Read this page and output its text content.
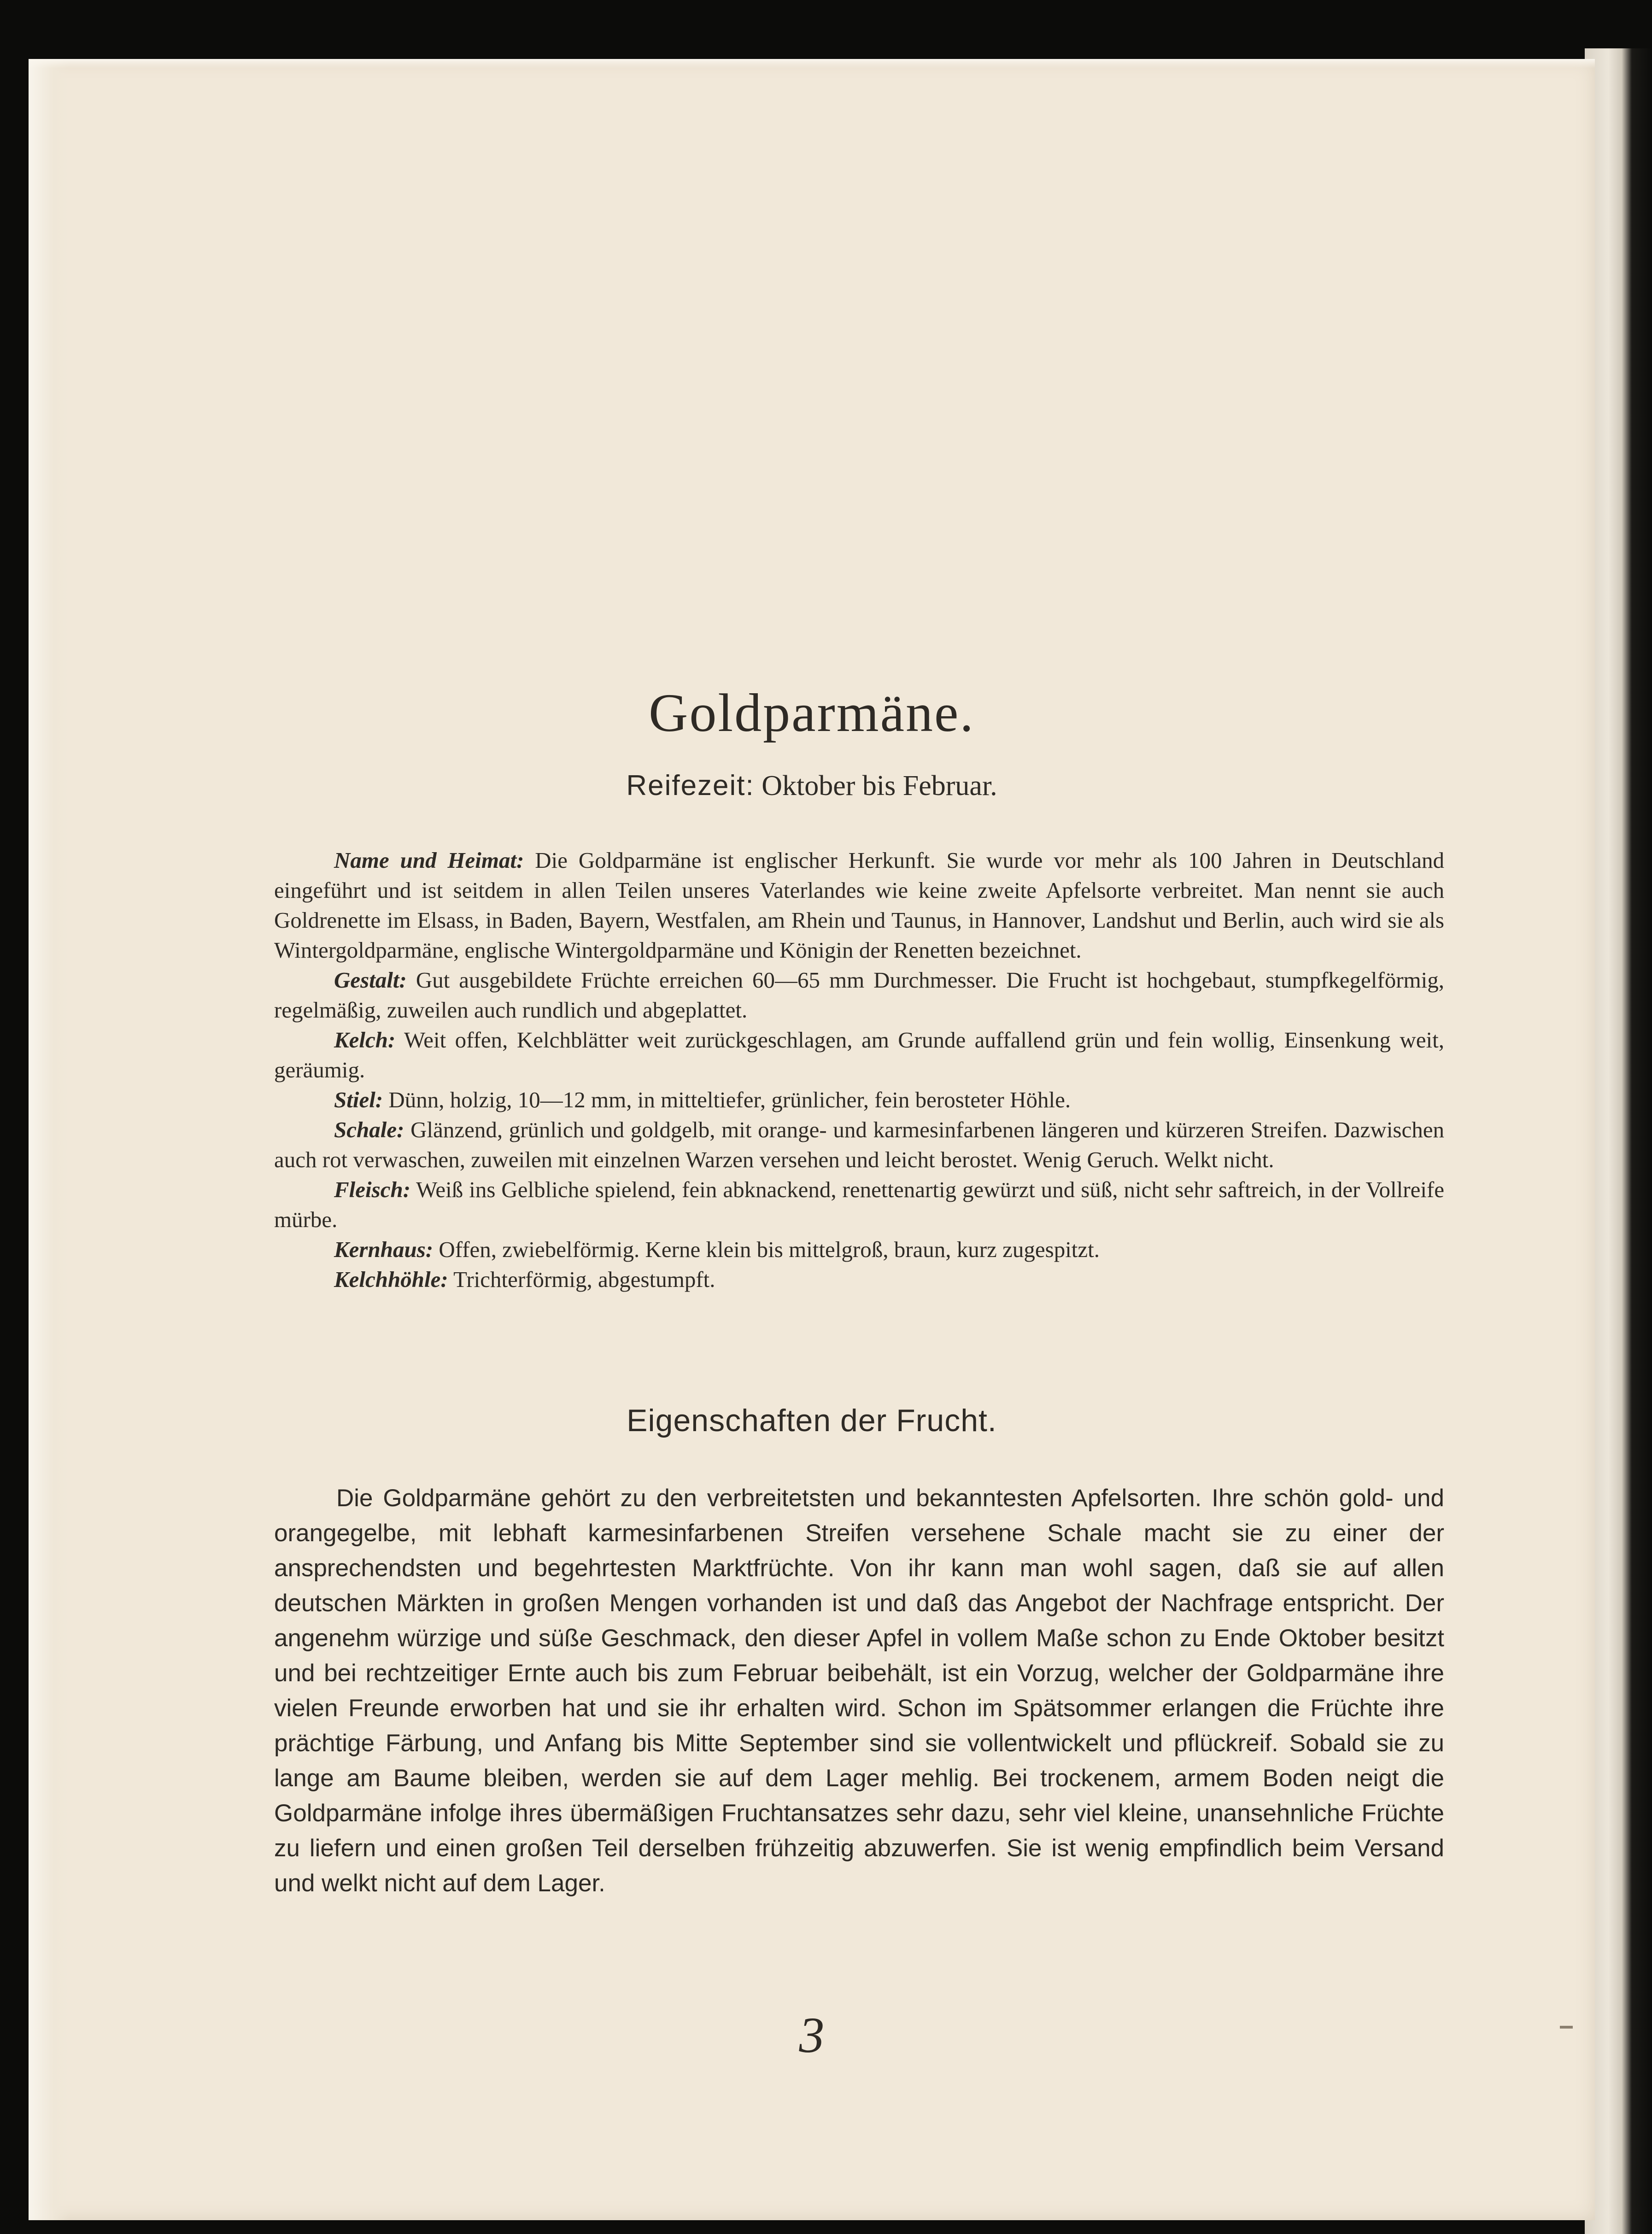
Goldparmäne.
Reifezeit: Oktober bis Februar.

Name und Heimat: Die Goldparmäne ist englischer Herkunft. Sie wurde vor mehr als 100 Jahren in Deutschland eingeführt und ist seitdem in allen Teilen unseres Vaterlandes wie keine zweite Apfelsorte verbreitet. Man nennt sie auch Goldrenette im Elsass, in Baden, Bayern, Westfalen, am Rhein und Taunus, in Hannover, Landshut und Berlin, auch wird sie als Wintergoldparmäne, englische Wintergoldparmäne und Königin der Renetten bezeichnet.

Gestalt: Gut ausgebildete Früchte erreichen 60—65 mm Durchmesser. Die Frucht ist hochgebaut, stumpfkegelförmig, regelmäßig, zuweilen auch rundlich und abgeplattet.

Kelch: Weit offen, Kelchblätter weit zurückgeschlagen, am Grunde auffallend grün und fein wollig, Einsenkung weit, geräumig.

Stiel: Dünn, holzig, 10—12 mm, in mitteltiefer, grünlicher, fein berosteter Höhle.

Schale: Glänzend, grünlich und goldgelb, mit orange- und karmesinfarbenen längeren und kürzeren Streifen. Dazwischen auch rot verwaschen, zuweilen mit einzelnen Warzen versehen und leicht berostet. Wenig Geruch. Welkt nicht.

Fleisch: Weiß ins Gelbliche spielend, fein abknackend, renettenartig gewürzt und süß, nicht sehr saftreich, in der Vollreife mürbe.

Kernhaus: Offen, zwiebelförmig. Kerne klein bis mittelgroß, braun, kurz zugespitzt.

Kelchhöhle: Trichterförmig, abgestumpft.

Eigenschaften der Frucht.

Die Goldparmäne gehört zu den verbreitetsten und bekanntesten Apfelsorten. Ihre schön gold- und orangegelbe, mit lebhaft karmesinfarbenen Streifen versehene Schale macht sie zu einer der ansprechendsten und begehrtesten Marktfrüchte. Von ihr kann man wohl sagen, daß sie auf allen deutschen Märkten in großen Mengen vorhanden ist und daß das Angebot der Nachfrage entspricht. Der angenehm würzige und süße Geschmack, den dieser Apfel in vollem Maße schon zu Ende Oktober besitzt und bei rechtzeitiger Ernte auch bis zum Februar beibehält, ist ein Vorzug, welcher der Goldparmäne ihre vielen Freunde erworben hat und sie ihr erhalten wird. Schon im Spätsommer erlangen die Früchte ihre prächtige Färbung, und Anfang bis Mitte September sind sie vollentwickelt und pflückreif. Sobald sie zu lange am Baume bleiben, werden sie auf dem Lager mehlig. Bei trockenem, armem Boden neigt die Goldparmäne infolge ihres übermäßigen Fruchtansatzes sehr dazu, sehr viel kleine, unansehnliche Früchte zu liefern und einen großen Teil derselben frühzeitig abzuwerfen. Sie ist wenig empfindlich beim Versand und welkt nicht auf dem Lager.

3
